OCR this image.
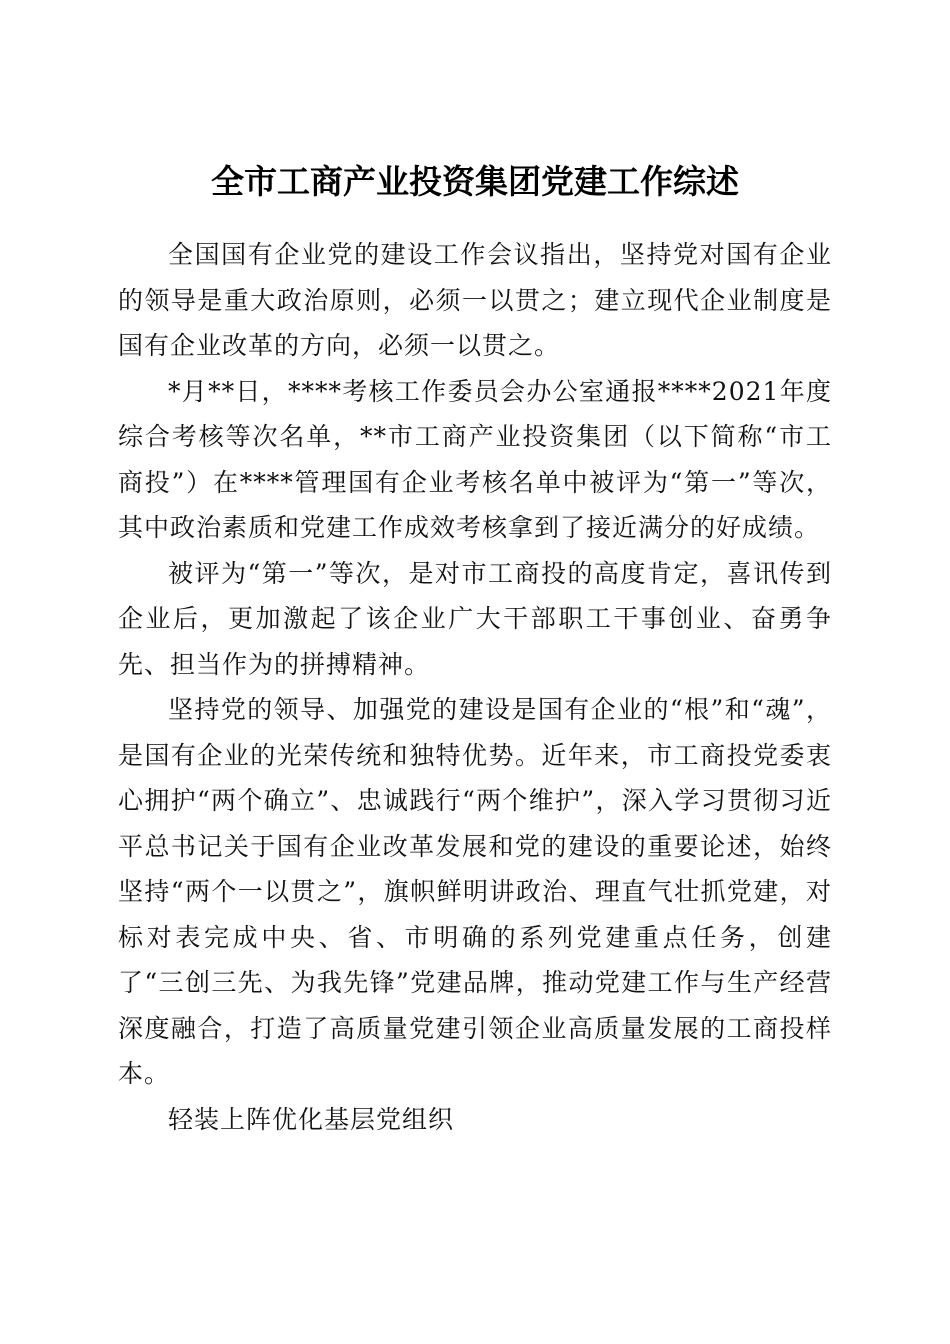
全市工商产业投资集团党建工作综述

全国国有企业党的建设工作会议指出，坚持党对国有企业的领导是重大政治原则，必须一以贯之；建立现代企业制度是国有企业改革的方向，必须一以贯之。

*月**日，****考核工作委员会办公室通报****2021年度综合考核等次名单，**市工商产业投资集团（以下简称“市工商投”）在****管理国有企业考核名单中被评为“第一”等次，其中政治素质和党建工作成效考核拿到了接近满分的好成绩。

被评为“第一”等次，是对市工商投的高度肯定，喜讯传到企业后，更加激起了该企业广大干部职工干事创业、奋勇争先、担当作为的拼搏精神。

坚持党的领导、加强党的建设是国有企业的“根”和“魂”，是国有企业的光荣传统和独特优势。近年来，市工商投党委衷心拥护“两个确立”、忠诚践行“两个维护”，深入学习贯彻习近平总书记关于国有企业改革发展和党的建设的重要论述，始终坚持“两个一以贯之”，旗帜鲜明讲政治、理直气壮抓党建，对标对表完成中央、省、市明确的系列党建重点任务，创建了“三创三先、为我先锋”党建品牌，推动党建工作与生产经营深度融合，打造了高质量党建引领企业高质量发展的工商投样本。

轻装上阵优化基层党组织
